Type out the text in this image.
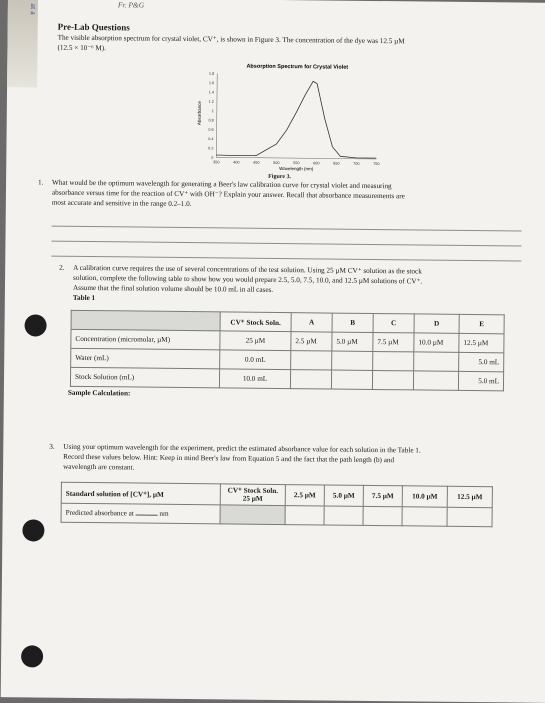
at a	Fr. P&G
Pre-Lab Questions
The visible absorption spectrum for crystal violet, CV⁺, is shown in Figure 3. The concentration of the dye was 12.5 µM
(12.5 × 10⁻⁶ M).
Absorption Spectrum for Crystal Violet
1.8
1.6
1.4
1.2
1
0.8
0.6
0.4
0.2
0
350	400	450	500	550	600	650	700	750
Absorbance
Wavelength (nm)
Figure 3.
1. What would be the optimum wavelength for generating a Beer's law calibration curve for crystal violet and measuring
absorbance versus time for the reaction of CV⁺ with OH⁻? Explain your answer. Recall that absorbance measurements are
most accurate and sensitive in the range 0.2–1.0.
2. A calibration curve requires the use of several concentrations of the test solution. Using 25 µM CV⁺ solution as the stock
solution, complete the following table to show how you would prepare 2.5, 5.0, 7.5, 10.0, and 12.5 µM solutions of CV⁺.
Assume that the final solution volume should be 10.0 mL in all cases.
Table 1
	CV⁺ Stock Soln.	A	B	C	D	E
Concentration (micromolar, µM)	25 µM	2.5 µM	5.0 µM	7.5 µM	10.0 µM	12.5 µM
Water (mL)	0.0 mL					5.0 mL
Stock Solution (mL)	10.0 mL					5.0 mL
Sample Calculation:
3. Using your optimum wavelength for the experiment, predict the estimated absorbance value for each solution in the Table 1.
Record these values below. Hint: Keep in mind Beer's law from Equation 5 and the fact that the path length (b) and
wavelength are constant.
Standard solution of [CV⁺], µM	CV⁺ Stock Soln. 25 µM	2.5 µM	5.0 µM	7.5 µM	10.0 µM	12.5 µM
Predicted absorbance at nm						
